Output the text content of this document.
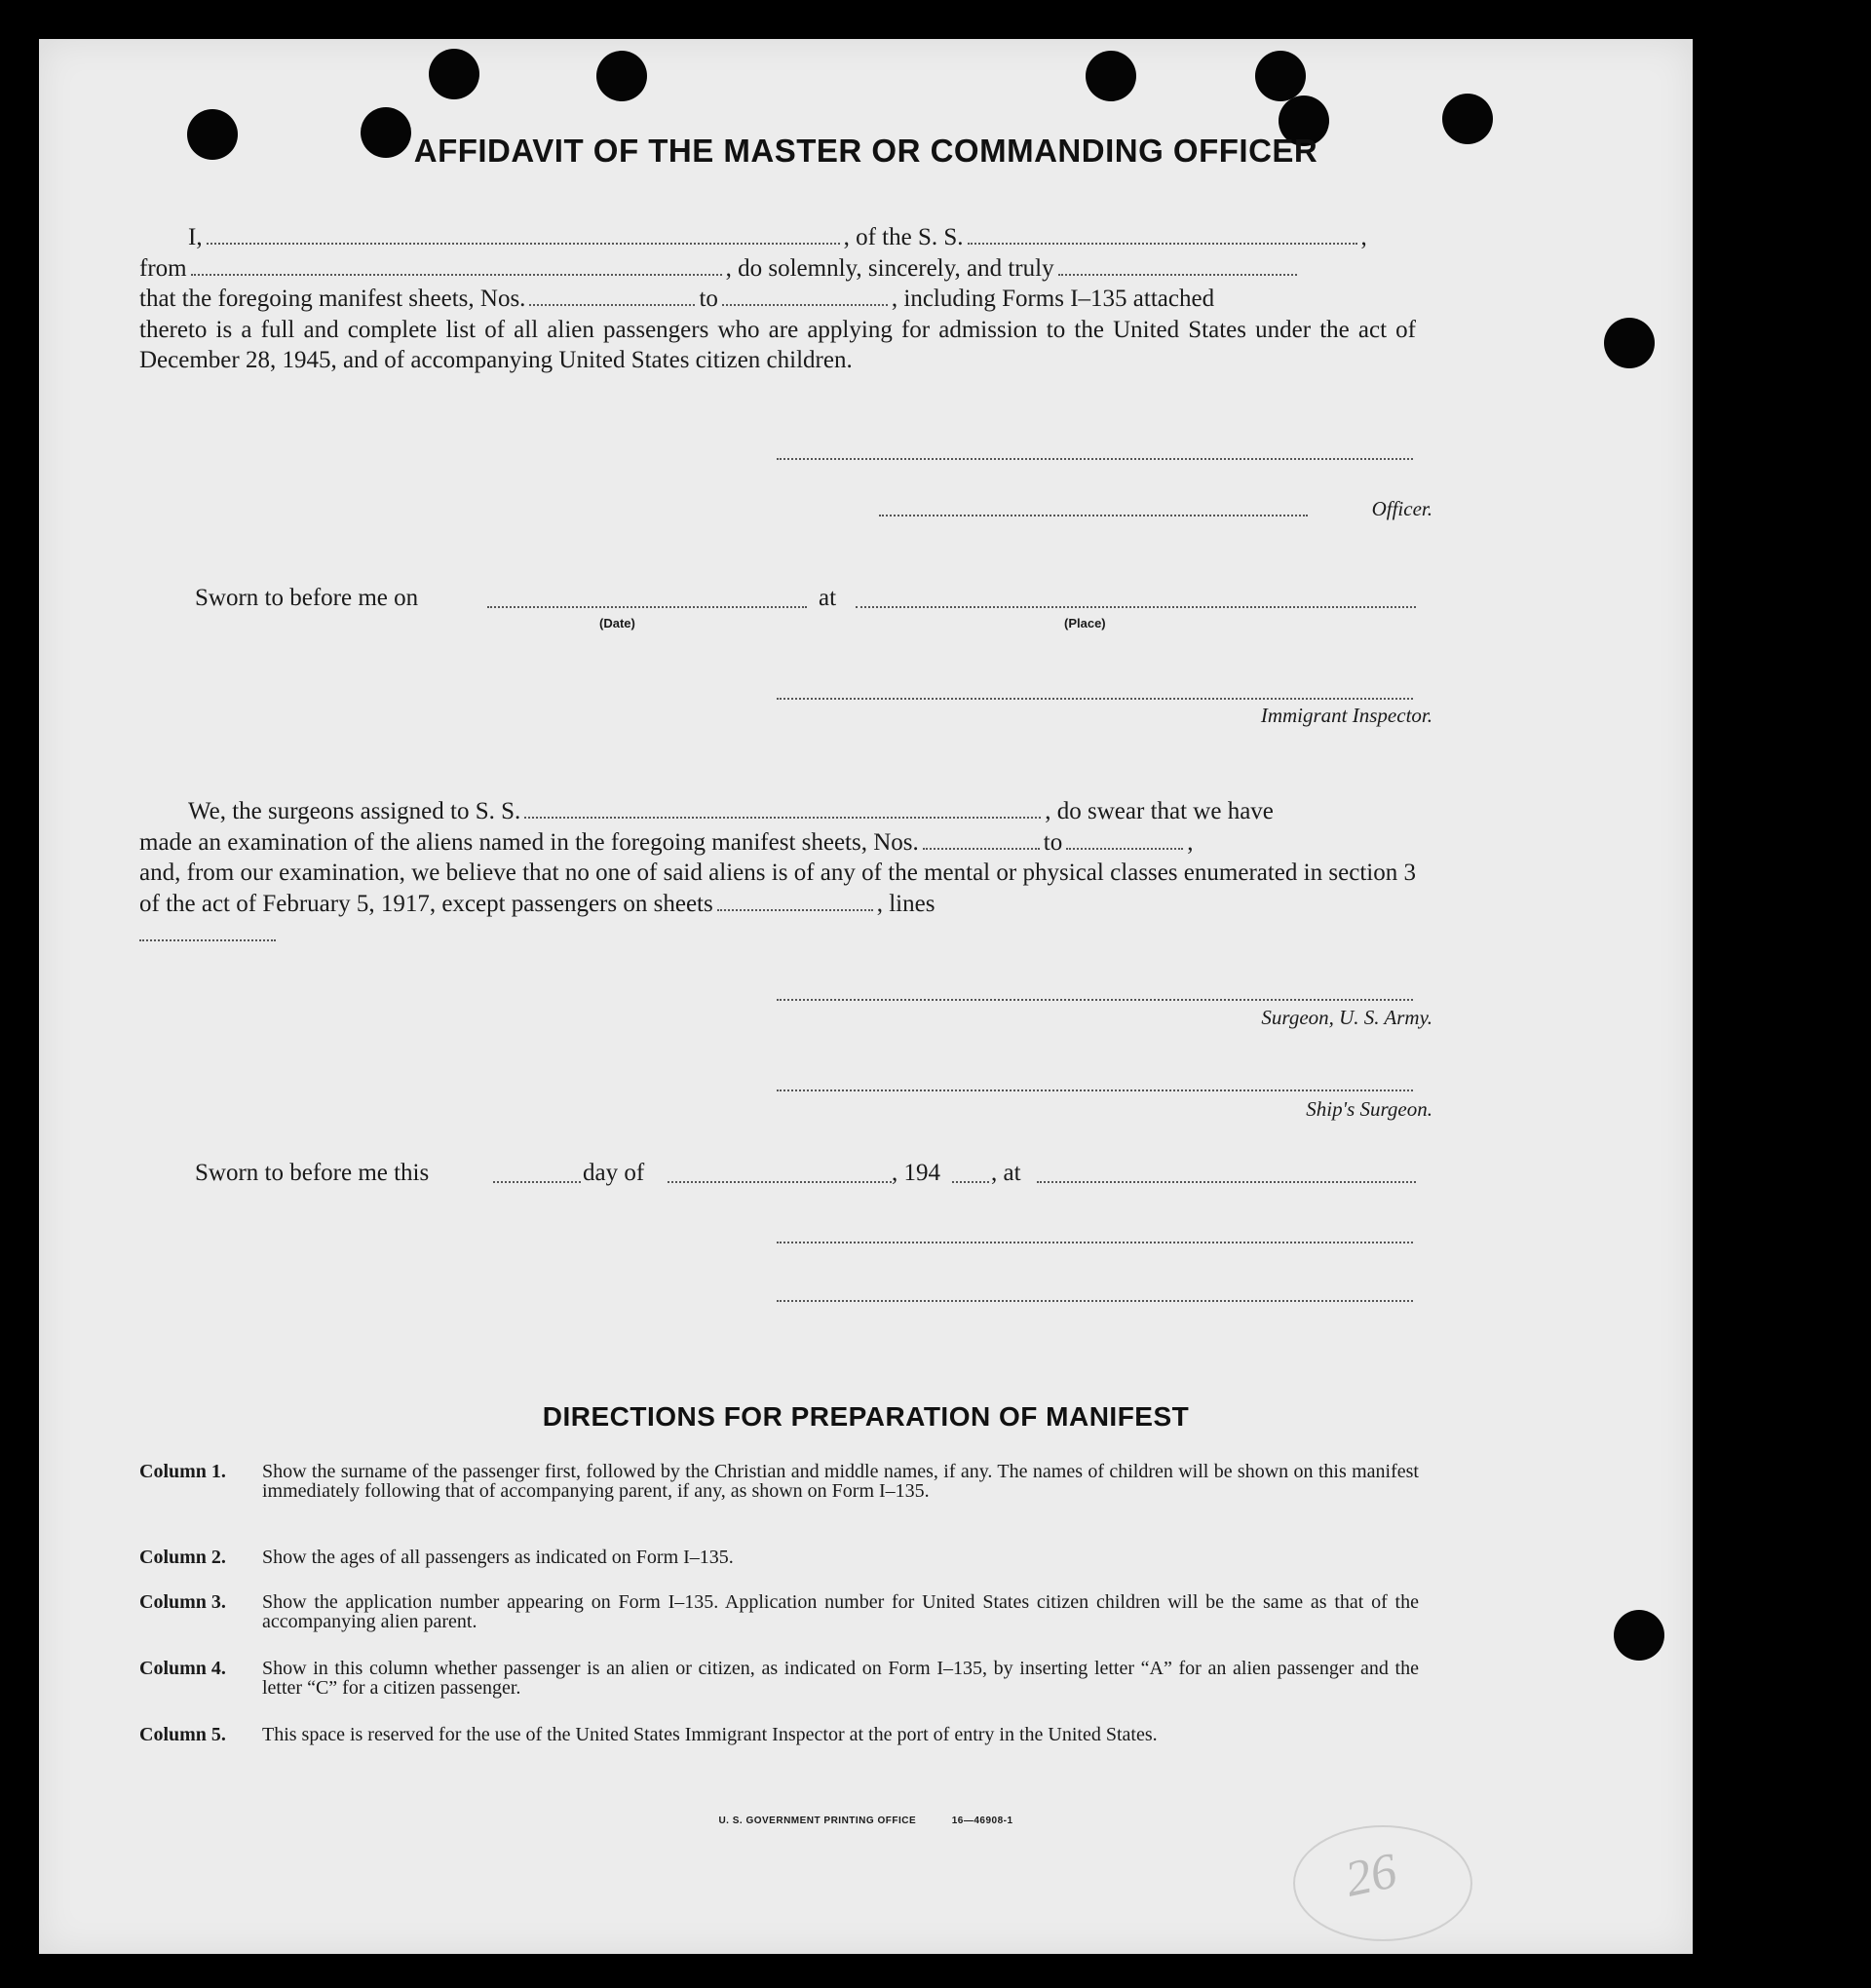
AFFIDAVIT OF THE MASTER OR COMMANDING OFFICER
I,	, of the S. S.	,
from	, do solemnly, sincerely, and truly
that the foregoing manifest sheets, Nos.	to	, including Forms I–135 attached
thereto is a full and complete list of all alien passengers who are applying for admission to the United States under the act of December 28, 1945, and of accompanying United States citizen children.
Officer.
Sworn to before me on	at
(Date)	(Place)
Immigrant Inspector.
We, the surgeons assigned to S. S.	, do swear that we have
made an examination of the aliens named in the foregoing manifest sheets, Nos.	to	,
and, from our examination, we believe that no one of said aliens is of any of the mental or physical classes enumerated in section 3 of the act of February 5, 1917, except passengers on sheets	, lines
Surgeon, U. S. Army.
Ship's Surgeon.
Sworn to before me this	day of	, 194 , at
DIRECTIONS FOR PREPARATION OF MANIFEST
Column 1.	Show the surname of the passenger first, followed by the Christian and middle names, if any. The names of children will be shown on this manifest immediately following that of accompanying parent, if any, as shown on Form I–135.
Column 2.	Show the ages of all passengers as indicated on Form I–135.
Column 3.	Show the application number appearing on Form I–135. Application number for United States citizen children will be the same as that of the accompanying alien parent.
Column 4.	Show in this column whether passenger is an alien or citizen, as indicated on Form I–135, by inserting letter “A” for an alien passenger and the letter “C” for a citizen passenger.
Column 5.	This space is reserved for the use of the United States Immigrant Inspector at the port of entry in the United States.
U. S. GOVERNMENT PRINTING OFFICE	16—46908-1
26
